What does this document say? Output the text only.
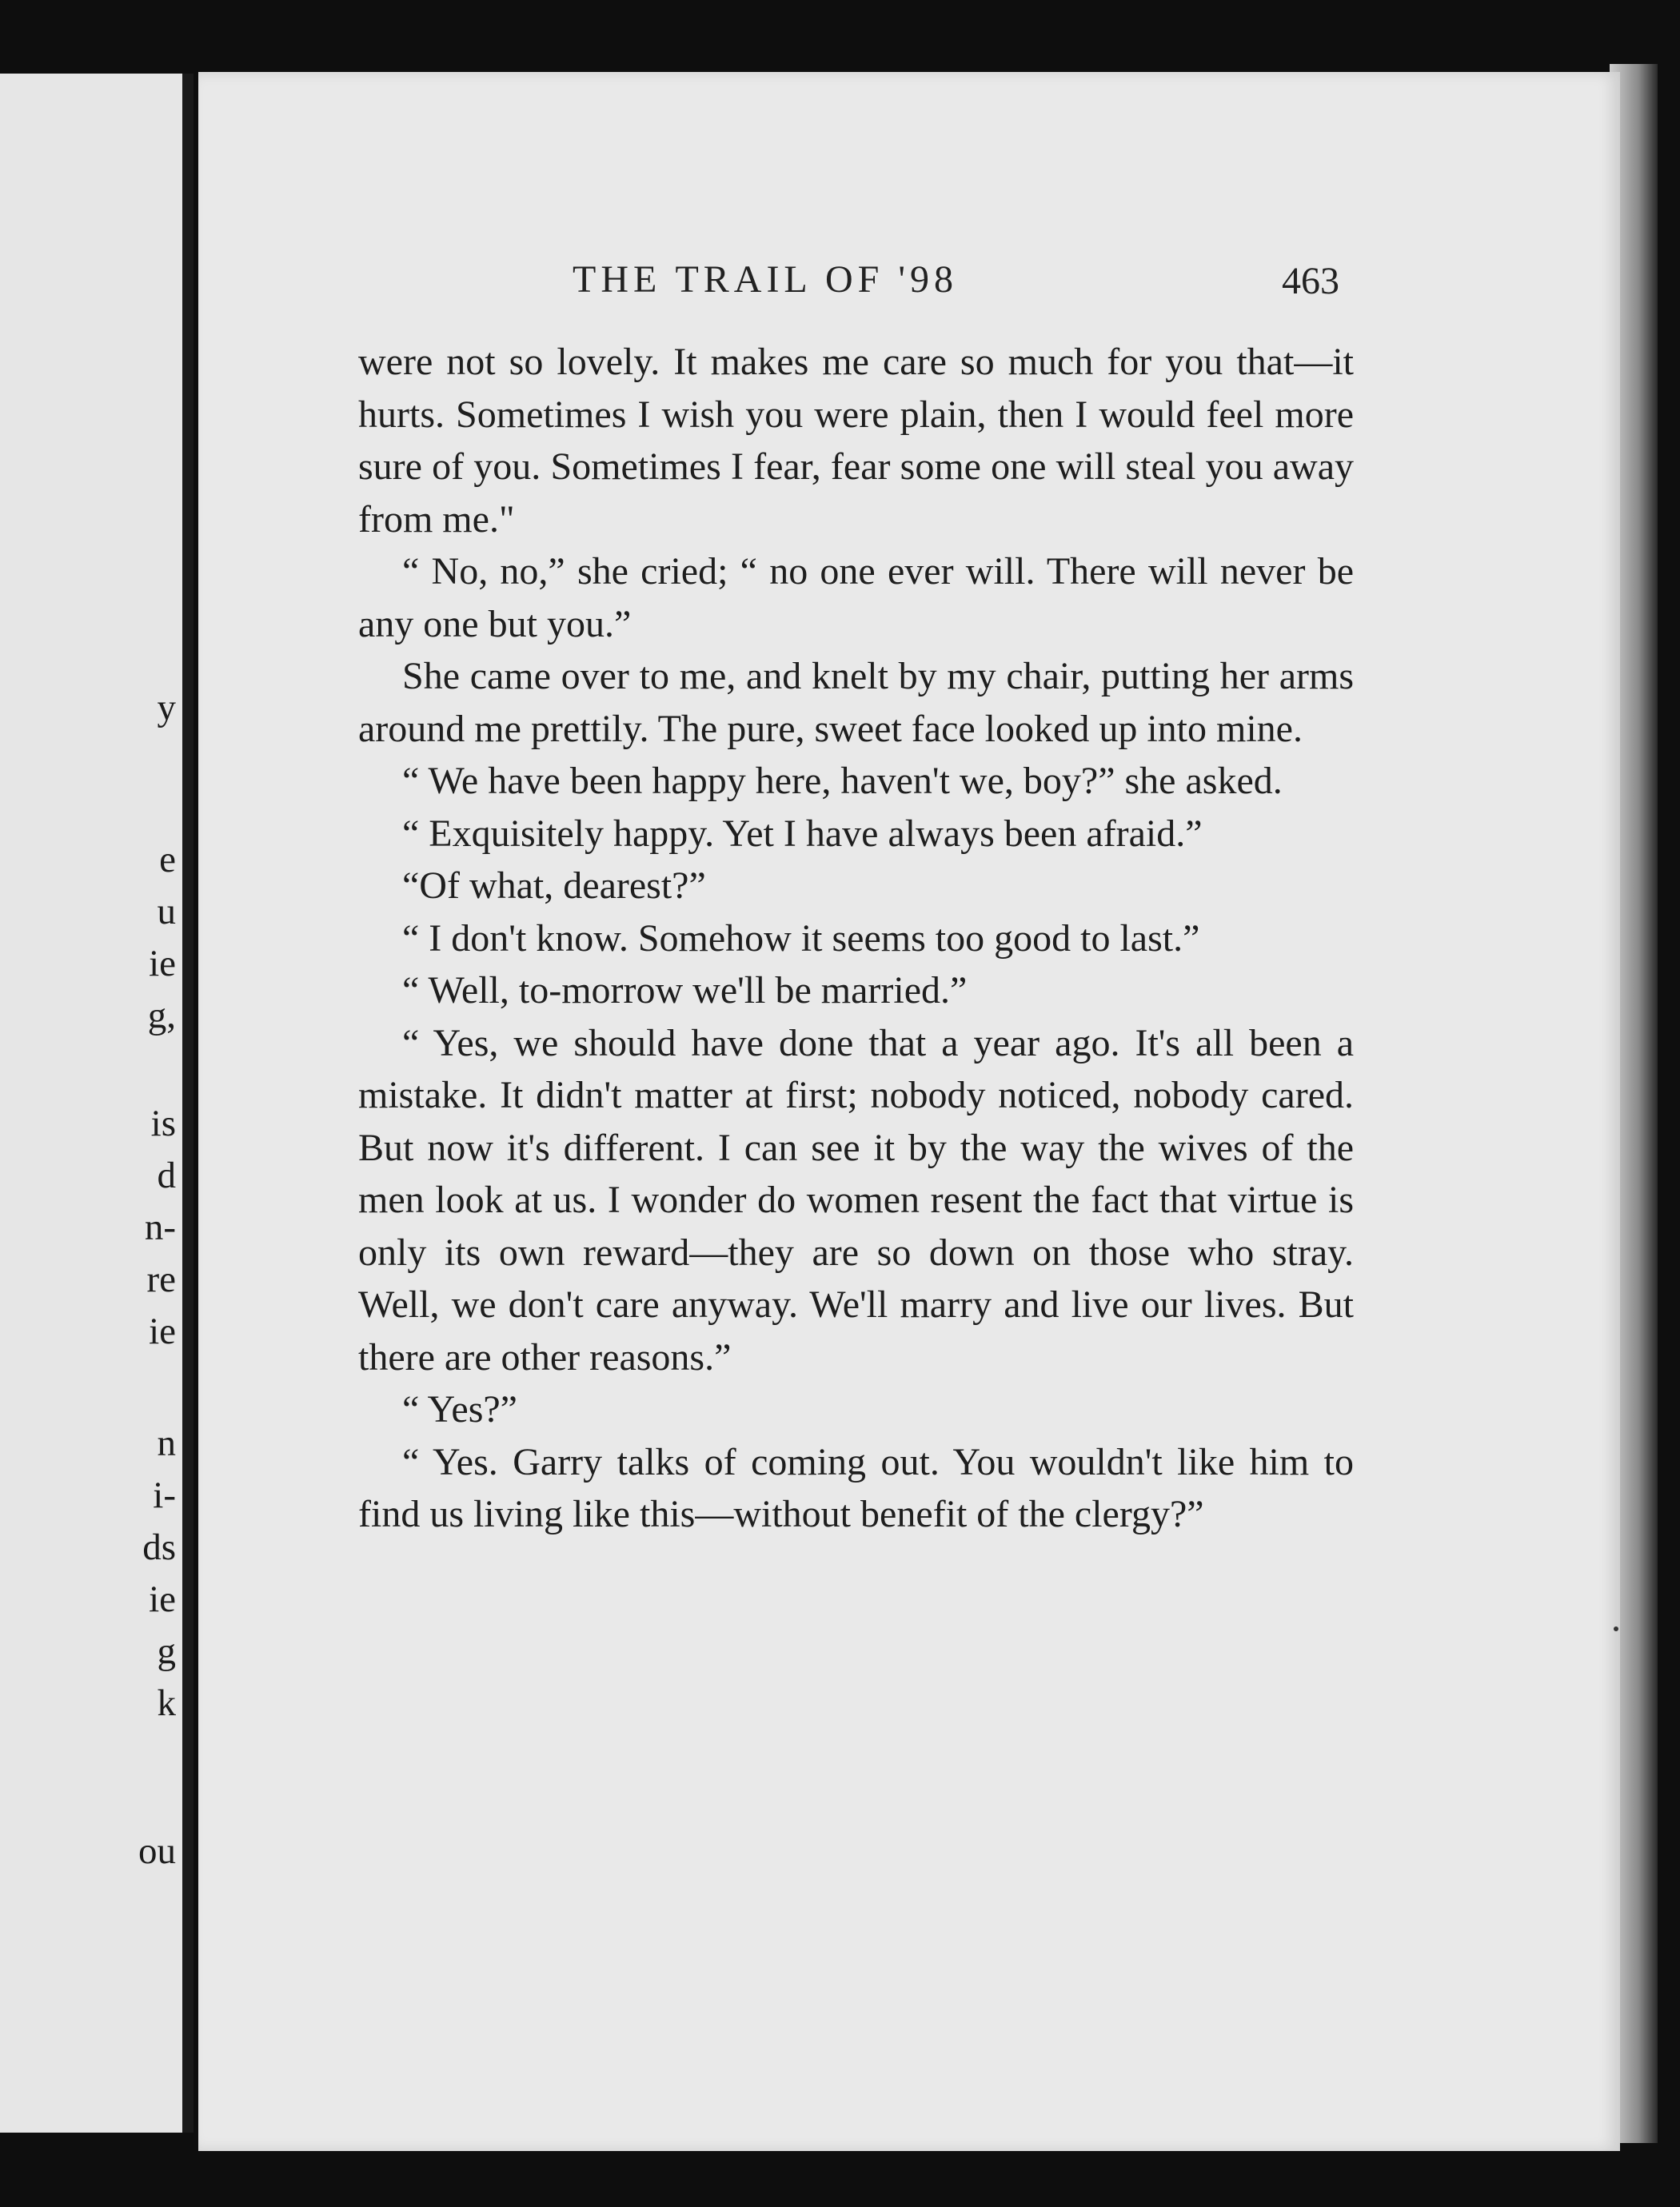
y
e
u
ie
g,
is
d
n-
re
ie
n
i-
ds
ie
g
k
ou
THE TRAIL OF '98	463

were not so lovely. It makes me care so much for you that—it hurts. Sometimes I wish you were plain, then I would feel more sure of you. Sometimes I fear, fear some one will steal you away from me."

“ No, no,” she cried; “ no one ever will. There will never be any one but you.”

She came over to me, and knelt by my chair, putting her arms around me prettily. The pure, sweet face looked up into mine.

“ We have been happy here, haven't we, boy?” she asked.

“ Exquisitely happy. Yet I have always been afraid.”

“Of what, dearest?”

“ I don't know. Somehow it seems too good to last.”

“ Well, to-morrow we'll be married.”

“ Yes, we should have done that a year ago. It's all been a mistake. It didn't matter at first; nobody noticed, nobody cared. But now it's different. I can see it by the way the wives of the men look at us. I wonder do women resent the fact that virtue is only its own reward—they are so down on those who stray. Well, we don't care anyway. We'll marry and live our lives. But there are other reasons.”

“ Yes?”

“ Yes. Garry talks of coming out. You wouldn't like him to find us living like this—without benefit of the clergy?”
